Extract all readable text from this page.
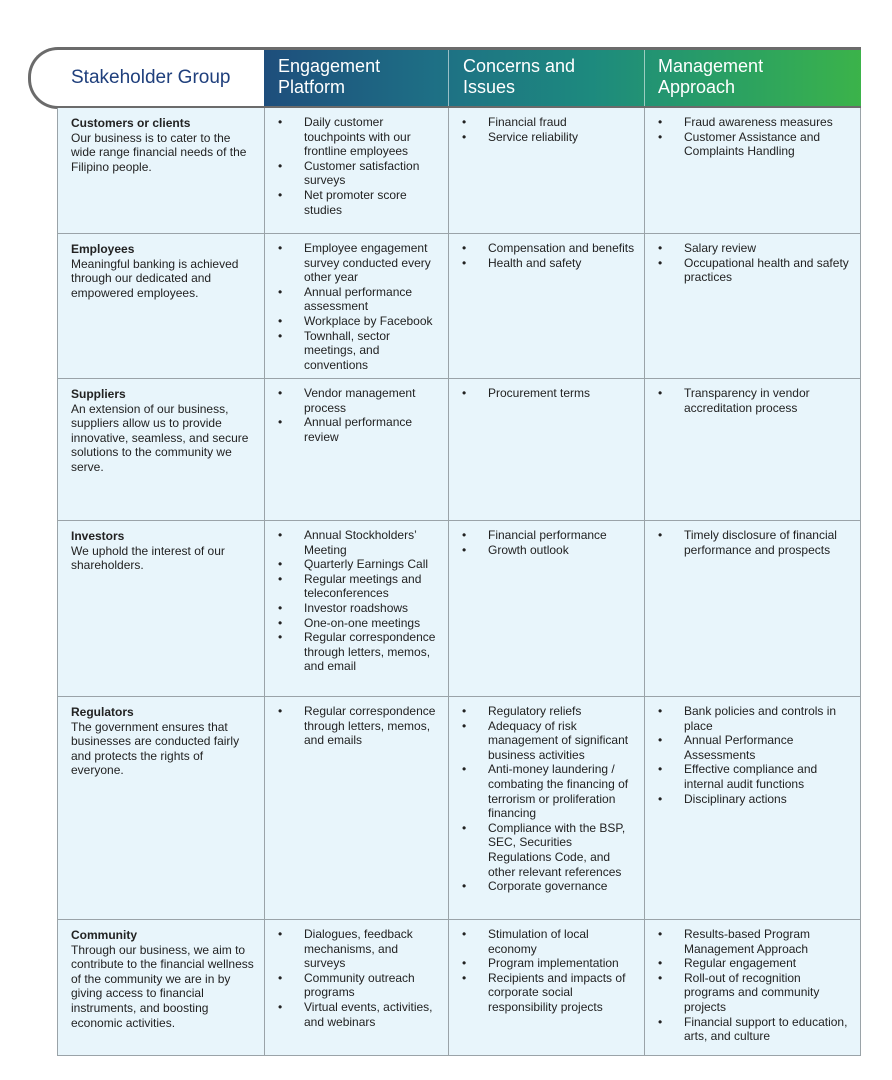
Stakeholder Group
Engagement
Platform
Concerns and
Issues
Management
Approach
Customers or clients
Our business is to cater to the wide range financial needs of the Filipino people.
• Daily customer touchpoints with our frontline employees
• Customer satisfaction surveys
• Net promoter score studies
• Financial fraud
• Service reliability
• Fraud awareness measures
• Customer Assistance and Complaints Handling
Employees
Meaningful banking is achieved through our dedicated and empowered employees.
• Employee engagement survey conducted every other year
• Annual performance assessment
• Workplace by Facebook
• Townhall, sector meetings, and conventions
• Compensation and benefits
• Health and safety
• Salary review
• Occupational health and safety practices
Suppliers
An extension of our business, suppliers allow us to provide innovative, seamless, and secure solutions to the community we serve.
• Vendor management process
• Annual performance review
• Procurement terms
•	Transparency in vendor accreditation process
Investors
We uphold the interest of our shareholders.
• Annual Stockholders’ Meeting
• Quarterly Earnings Call
• Regular meetings and teleconferences
• Investor roadshows
• One-on-one meetings
• Regular correspondence through letters, memos, and email
• Financial performance
• Growth outlook
• Timely disclosure of financial performance and prospects
Regulators
The government ensures that businesses are conducted fairly and protects the rights of everyone.
• Regular correspondence through letters, memos, and emails
• Regulatory reliefs
• Adequacy of risk management of significant business activities
• Anti-money laundering / combating the financing of terrorism or proliferation financing
• Compliance with the BSP, SEC, Securities Regulations Code, and other relevant references
• Corporate governance
• Bank policies and controls in place
• Annual Performance Assessments
• Effective compliance and internal audit functions
• Disciplinary actions
Community
Through our business, we aim to contribute to the financial wellness of the community we are in by giving access to financial instruments, and boosting economic activities.
• Dialogues, feedback mechanisms, and surveys
• Community outreach programs
• Virtual events, activities, and webinars
• Stimulation of local economy
• Program implementation
• Recipients and impacts of corporate social responsibility projects
• Results-based Program Management Approach
• Regular engagement
• Roll-out of recognition programs and community projects
• Financial support to education, arts, and culture
